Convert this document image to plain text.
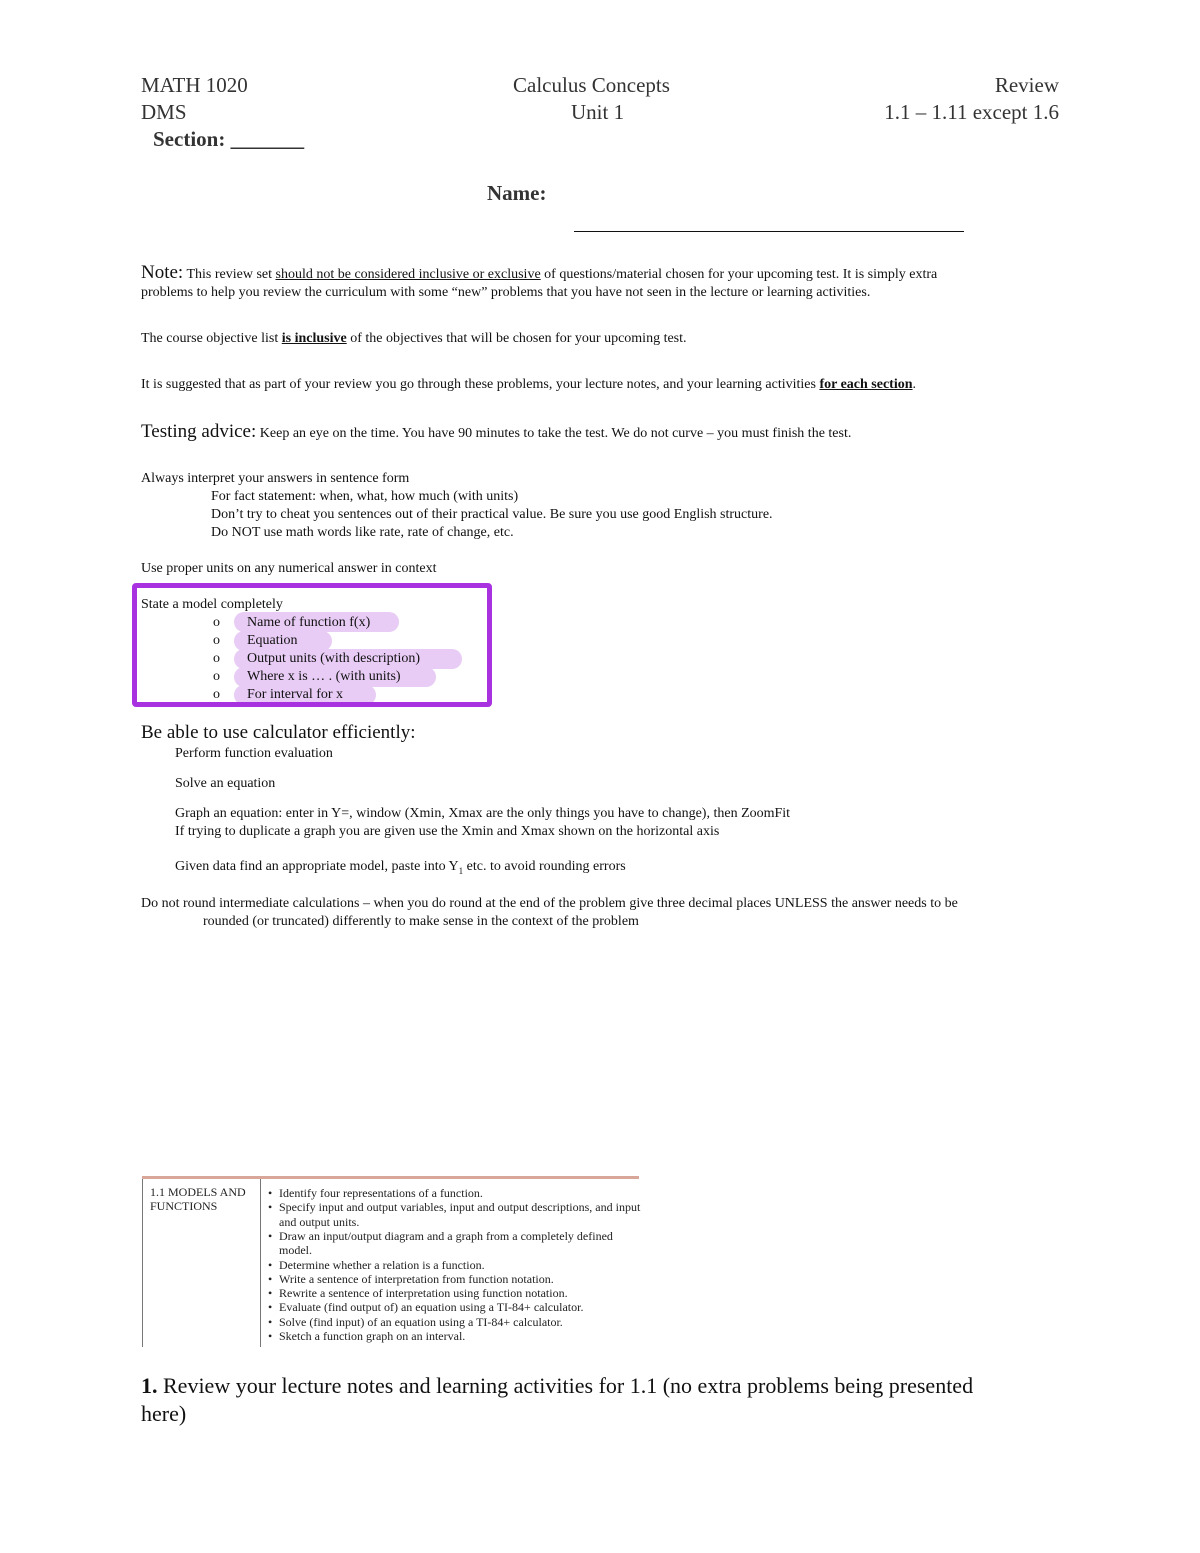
MATH 1020
DMS
Calculus Concepts
Unit 1
Review
1.1 – 1.11 except 1.6
Section: _______
Name:
Note: This review set should not be considered inclusive or exclusive of questions/material chosen for your upcoming test. It is simply extra
problems to help you review the curriculum with some “new” problems that you have not seen in the lecture or learning activities.
The course objective list is inclusive of the objectives that will be chosen for your upcoming test.
It is suggested that as part of your review you go through these problems, your lecture notes, and your learning activities for each section.
Testing advice: Keep an eye on the time. You have 90 minutes to take the test. We do not curve – you must finish the test.
Always interpret your answers in sentence form
For fact statement: when, what, how much (with units)
Don’t try to cheat you sentences out of their practical value. Be sure you use good English structure.
Do NOT use math words like rate, rate of change, etc.
Use proper units on any numerical answer in context
State a model completely
o Name of function f(x)
o Equation
o Output units (with description)
o Where x is … . (with units)
o For interval for x
Be able to use calculator efficiently:
Perform function evaluation
Solve an equation
Graph an equation: enter in Y=, window (Xmin, Xmax are the only things you have to change), then ZoomFit
If trying to duplicate a graph you are given use the Xmin and Xmax shown on the horizontal axis
Given data find an appropriate model, paste into $Y_1$ etc. to avoid rounding errors
Do not round intermediate calculations – when you do round at the end of the problem give three decimal places UNLESS the answer needs to be
rounded (or truncated) differently to make sense in the context of the problem
1.1 MODELS AND
FUNCTIONS
• Identify four representations of a function.
• Specify input and output variables, input and output descriptions, and input
and output units.
• Draw an input/output diagram and a graph from a completely defined
model.
• Determine whether a relation is a function.
• Write a sentence of interpretation from function notation.
• Rewrite a sentence of interpretation using function notation.
• Evaluate (find output of) an equation using a TI-84+ calculator.
• Solve (find input) of an equation using a TI-84+ calculator.
• Sketch a function graph on an interval.
1. Review your lecture notes and learning activities for 1.1 (no extra problems being presented
here)
